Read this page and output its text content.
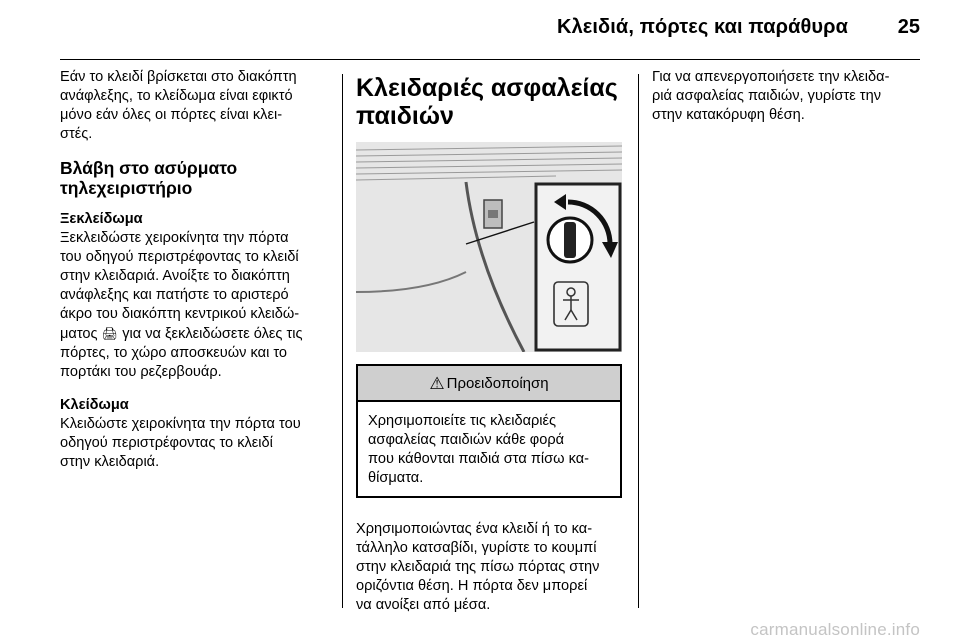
Κλειδιά, πόρτες και παράθυρα 25

Εάν το κλειδί βρίσκεται στο διακόπτη

ανάφλεξης, το κλείδωμα είναι εφικτό

μόνο εάν όλες οι πόρτες είναι κλει-

στές.

Βλάβη στο ασύρματο
τηλεχειριστήριο
Ξεκλείδωμα

Ξεκλειδώστε χειροκίνητα την πόρτα

του οδηγού περιστρέφοντας το κλειδί

στην κλειδαριά. Ανοίξτε το διακόπτη

ανάφλεξης και πατήστε το αριστερό

άκρο του διακόπτη κεντρικού κλειδώ-

ματος 🖨 για να ξεκλειδώσετε όλες τις

πόρτες, το χώρο αποσκευών και το

πορτάκι του ρεζερβουάρ.

Κλείδωμα

Κλειδώστε χειροκίνητα την πόρτα του

οδηγού περιστρέφοντας το κλειδί

στην κλειδαριά.

Κλειδαριές ασφαλείας
παιδιών
⚠ Προειδοποίηση

Χρησιμοποιείτε τις κλειδαριές

ασφαλείας παιδιών κάθε φορά

που κάθονται παιδιά στα πίσω κα-

θίσματα.

Χρησιμοποιώντας ένα κλειδί ή το κα-

τάλληλο κατσαβίδι, γυρίστε το κουμπί

στην κλειδαριά της πίσω πόρτας στην

οριζόντια θέση. Η πόρτα δεν μπορεί

να ανοίξει από μέσα.

Για να απενεργοποιήσετε την κλειδα-

ριά ασφαλείας παιδιών, γυρίστε την

στην κατακόρυφη θέση.

carmanualsonline.info
